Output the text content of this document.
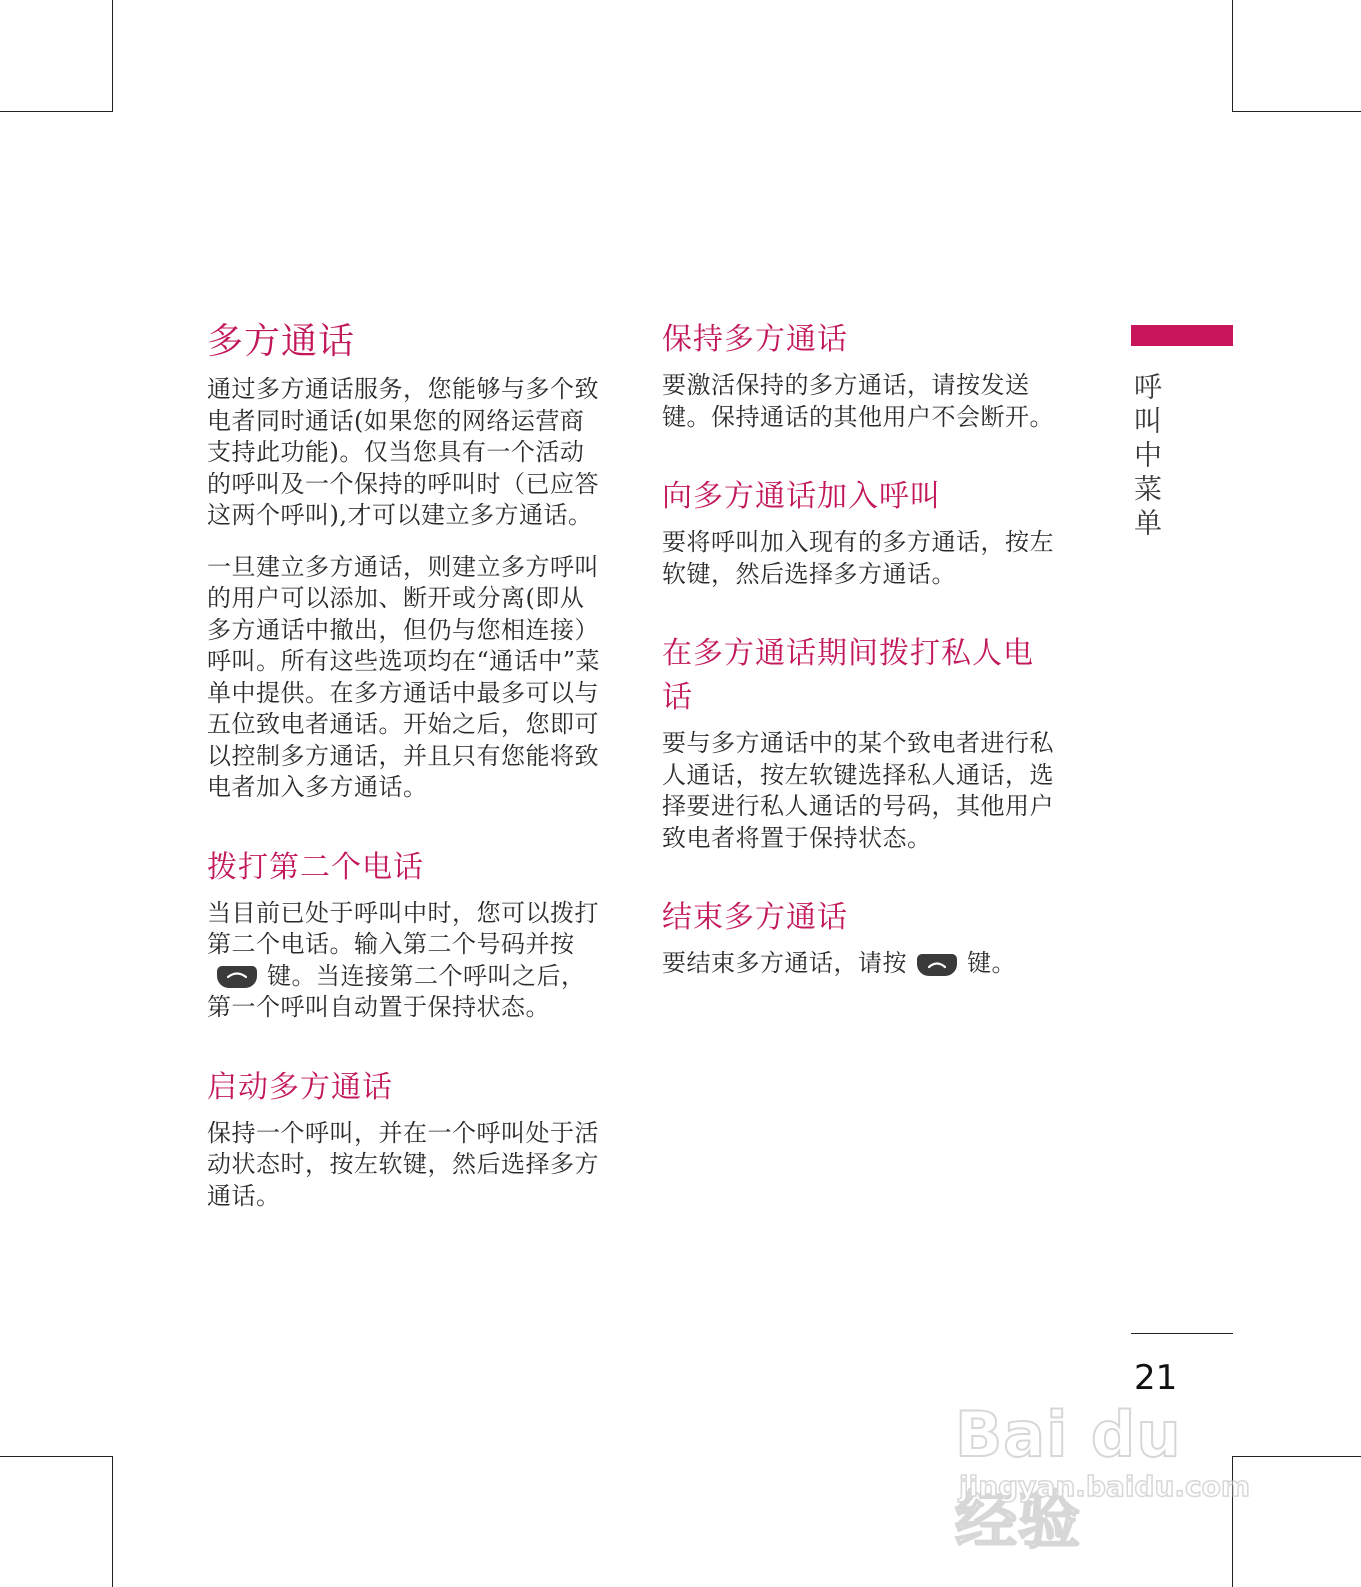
多方通话

通过多方通话服务，您能够与多个致电者同时通话(如果您的网络运营商支持此功能)。仅当您具有一个活动的呼叫及一个保持的呼叫时（已应答这两个呼叫),才可以建立多方通话。

一旦建立多方通话，则建立多方呼叫的用户可以添加、断开或分离(即从多方通话中撤出，但仍与您相连接）呼叫。所有这些选项均在“通话中”菜单中提供。在多方通话中最多可以与五位致电者通话。开始之后，您即可以控制多方通话，并且只有您能将致电者加入多方通话。

拨打第二个电话

当目前已处于呼叫中时，您可以拨打第二个电话。输入第二个号码并按
键。当连接第二个呼叫之后，第一个呼叫自动置于保持状态。

启动多方通话

保持一个呼叫，并在一个呼叫处于活动状态时，按左软键，然后选择多方通话。

保持多方通话

要激活保持的多方通话，请按发送键。保持通话的其他用户不会断开。

向多方通话加入呼叫

要将呼叫加入现有的多方通话，按左软键，然后选择多方通话。

在多方通话期间拨打私人电话

要与多方通话中的某个致电者进行私人通话，按左软键选择私人通话，选择要进行私人通话的号码，其他用户致电者将置于保持状态。

结束多方通话

要结束多方通话，请按	键。

呼叫中菜单
21
Bai du 经验
jingyan.baidu.com
